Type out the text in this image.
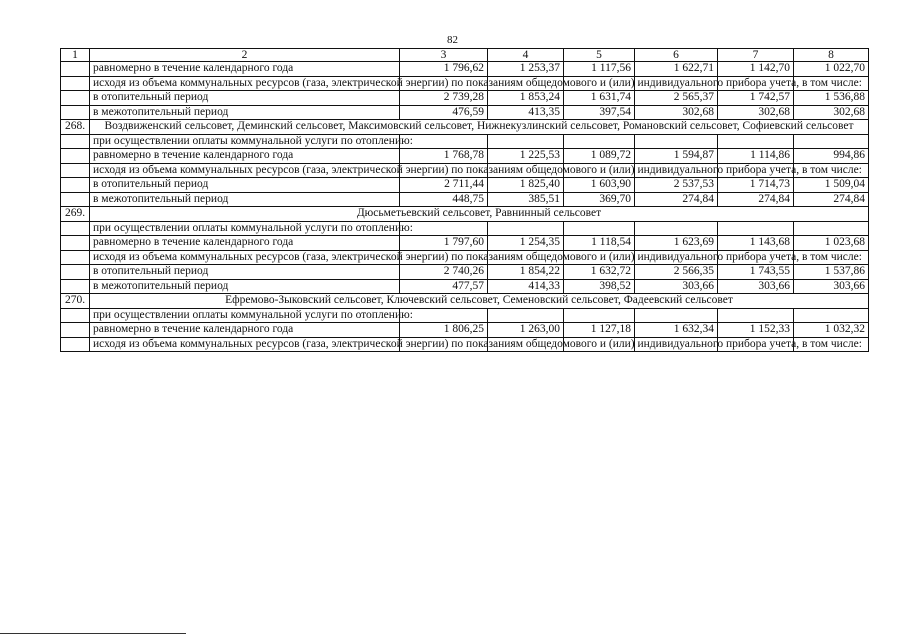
82
1	2	3	4	5	6	7	8
	равномерно в течение календарного года	1 796,62	1 253,37	1 117,56	1 622,71	1 142,70	1 022,70
	исходя из объема коммунальных ресурсов (газа, электрической энергии) по показаниям общедомового и (или) индивидуального прибора учета, в том числе:						
	в отопительный период	2 739,28	1 853,24	1 631,74	2 565,37	1 742,57	1 536,88
	в межотопительный период	476,59	413,35	397,54	302,68	302,68	302,68
268.	Воздвиженский сельсовет, Деминский сельсовет, Максимовский сельсовет, Нижнекузлинский сельсовет, Романовский сельсовет, Софиевский сельсовет						
	при осуществлении оплаты коммунальной услуги по отоплению:						
	равномерно в течение календарного года	1 768,78	1 225,53	1 089,72	1 594,87	1 114,86	994,86
	исходя из объема коммунальных ресурсов (газа, электрической энергии) по показаниям общедомового и (или) индивидуального прибора учета, в том числе:						
	в отопительный период	2 711,44	1 825,40	1 603,90	2 537,53	1 714,73	1 509,04
	в межотопительный период	448,75	385,51	369,70	274,84	274,84	274,84
269.	Дюсьметьевский сельсовет, Равнинный сельсовет						
	при осуществлении оплаты коммунальной услуги по отоплению:						
	равномерно в течение календарного года	1 797,60	1 254,35	1 118,54	1 623,69	1 143,68	1 023,68
	исходя из объема коммунальных ресурсов (газа, электрической энергии) по показаниям общедомового и (или) индивидуального прибора учета, в том числе:						
	в отопительный период	2 740,26	1 854,22	1 632,72	2 566,35	1 743,55	1 537,86
	в межотопительный период	477,57	414,33	398,52	303,66	303,66	303,66
270.	Ефремово-Зыковский сельсовет, Ключевский сельсовет, Семеновский сельсовет, Фадеевский сельсовет						
	при осуществлении оплаты коммунальной услуги по отоплению:						
	равномерно в течение календарного года	1 806,25	1 263,00	1 127,18	1 632,34	1 152,33	1 032,32
	исходя из объема коммунальных ресурсов (газа, электрической энергии) по показаниям общедомового и (или) индивидуального прибора учета, в том числе:						
